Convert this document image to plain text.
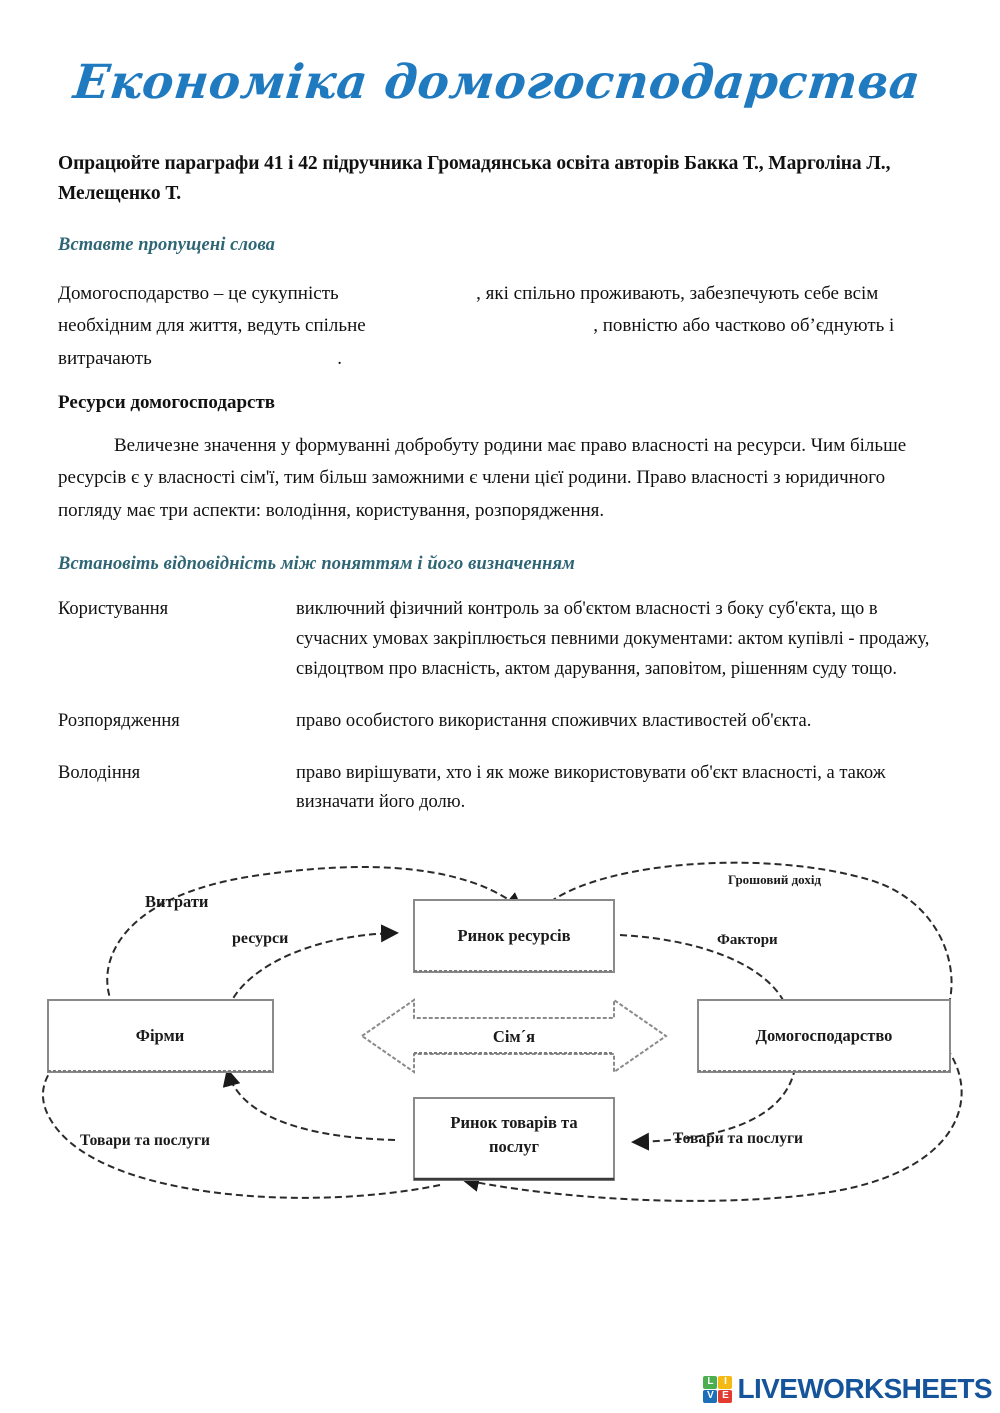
Економіка домогосподарства

Опрацюйте параграфи 41 і 42 підручника Громадянська освіта авторів Бакка Т., Марголіна Л., Мелещенко Т.

Вставте пропущені слова

Домогосподарство – це сукупність	, які спільно проживають, забезпечують себе всім необхідним для життя, ведуть спільне	, повністю або частково об’єднують і витрачають	.

Ресурси домогосподарств

Величезне значення у формуванні добробуту родини має право власності на ресурси. Чим більше ресурсів є у власності сім'ї, тим більш заможними є члени цієї родини. Право власності з юридичного погляду має три аспекти: володіння, користування, розпорядження.

Встановіть відповідність між поняттям і його визначенням

Користування	виключний фізичний контроль за об'єктом власності з боку суб'єкта, що в сучасних умовах закріплюється певними документами: актом купівлі - продажу, свідоцтвом про власність, актом дарування, заповітом, рішенням суду тощо.
Розпорядження	право особистого використання споживчих властивостей об'єкта.
Володіння	право вирішувати, хто і як може використовувати об'єкт власності, а також визначати його долю.
Ринок ресурсів
Фірми	Домогосподарство
Ринок товарів та
послуг
Сім´я
Витрати
ресурси
Грошовий дохід
Фактори
Товари та послуги	Товари та послуги
L	I
V E LIVEWORKSHEETS
